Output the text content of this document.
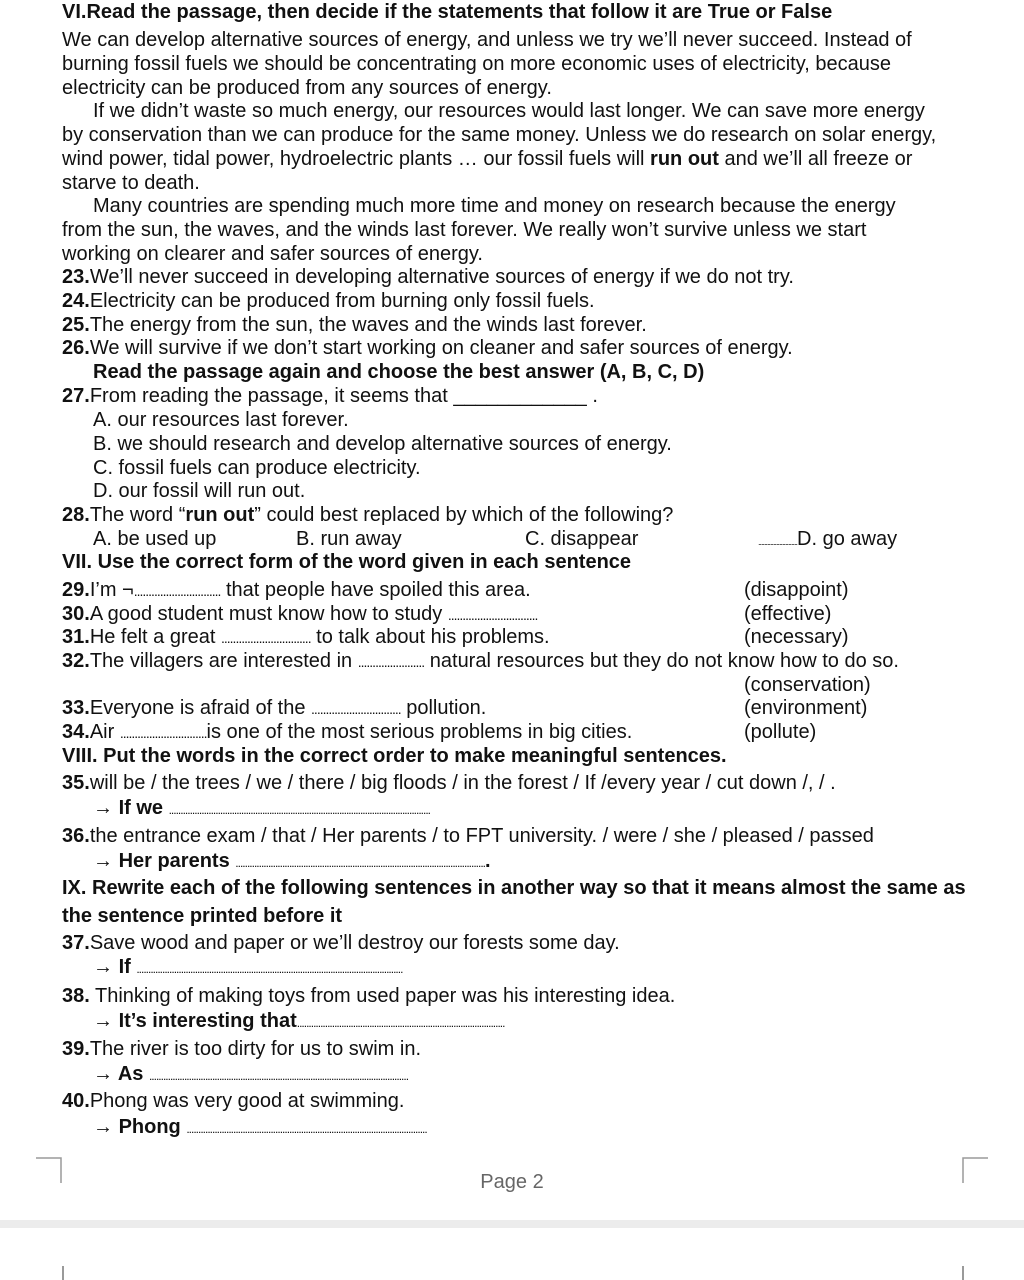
VI.Read the passage, then decide if the statements that follow it are True or False
We can develop alternative sources of energy, and unless we try we’ll never succeed. Instead of
burning fossil fuels we should be concentrating on more economic uses of electricity, because
electricity can be produced from any sources of energy.
If we didn’t waste so much energy, our resources would last longer. We can save more energy
by conservation than we can produce for the same money. Unless we do research on solar energy,
wind power, tidal power, hydroelectric plants … our fossil fuels will run out and we’ll all freeze or
starve to death.
Many countries are spending much more time and money on research because the energy
from the sun, the waves, and the winds last forever. We really won’t survive unless we start
working on clearer and safer sources of energy.
23.We’ll never succeed in developing alternative sources of energy if we do not try.
24.Electricity can be produced from burning only fossil fuels.
25.The energy from the sun, the waves and the winds last forever.
26.We will survive if we don’t start working on cleaner and safer sources of energy.
Read the passage again and choose the best answer (A, B, C, D)
27.From reading the passage, it seems that ____________ .
A. our resources last forever.
B. we should research and develop alternative sources of energy.
C. fossil fuels can produce electricity.
D. our fossil will run out.
28.The word “run out” could best replaced by which of the following?
A. be used up	B. run away	C. disappear	..........................D. go away
VII. Use the correct form of the word given in each sentence
29.I’m ¬.............................. that people have spoiled this area.	(disappoint)
30.A good student must know how to study ...............................	(effective)
31.He felt a great ............................... to talk about his problems.	(necessary)
32.The villagers are interested in ....................... natural resources but they do not know how to do so.
(conservation)
33.Everyone is afraid of the ............................... pollution.	(environment)
34.Air ..............................is one of the most serious problems in big cities.	(pollute)
VIII. Put the words in the correct order to make meaningful sentences.
35.will be / the trees / we / there / big floods / in the forest / If /every year / cut down /, / .
→ If we ................................................................................................................
36.the entrance exam / that / Her parents / to FPT university. / were / she / pleased / passed
→ Her parents ............................................................................................................
IX. Rewrite each of the following sentences in another way so that it means almost the same as
the sentence printed before it
37.Save wood and paper or we’ll destroy our forests some day.
→ If ..................................................................................................................
38. Thinking of making toys from used paper was his interesting idea.
→ It’s interesting that.........................................................................................
39.The river is too dirty for us to swim in.
→ As ...............................................................................................................
40.Phong was very good at swimming.
→ Phong .......................................................................................................
Page 2
